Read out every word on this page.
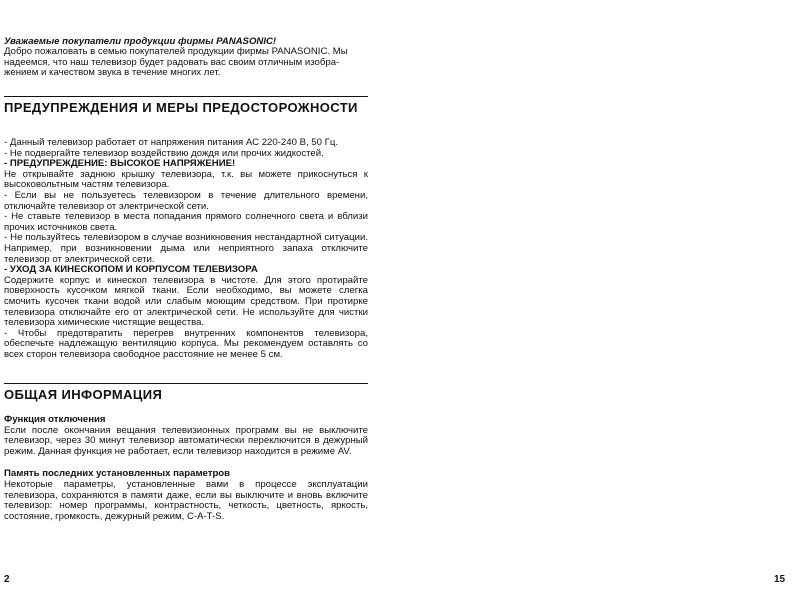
Уважаемые покупатели продукции фирмы PANASONIC!

Добро пожаловать в семью покупателей продукции фирмы PANASONIC. Мы

надеемся, что наш телевизор будет радовать вас своим отличным изобра-

жением и качеством звука в течение многих лет.

ПРЕДУПРЕЖДЕНИЯ И МЕРЫ ПРЕДОСТОРОЖНОСТИ

- Данный телевизор работает от напряжения питания АС 220-240 В, 50 Гц.

- Не подвергайте телевизор воздействию дождя или прочих жидкостей.

- ПРЕДУПРЕЖДЕНИЕ: ВЫСОКОЕ НАПРЯЖЕНИЕ!

Не открывайте заднюю крышку телевизора, т.к. вы можете прикоснуться к высоковольтным частям телевизора.

- Если вы не пользуетесь телевизором в течение длительного времени, отключайте телевизор от электрической сети.

- Не ставьте телевизор в места попадания прямого солнечного света и вблизи прочих источников света.

- Не пользуйтесь телевизором в случае возникновения нестандартной ситуации. Например, при возникновении дыма или неприятного запаха отключите телевизор от электрической сети.

- УХОД ЗА КИНЕСКОПОМ И КОРПУСОМ ТЕЛЕВИЗОРА

Содержите корпус и кинескоп телевизора в чистоте. Для этого протирайте поверхность кусочком мягкой ткани. Если необходимо, вы можете слегка смочить кусочек ткани водой или слабым моющим средством. При протирке телевизора отключайте его от электрической сети. Не используйте для чистки телевизора химические чистящие вещества.

- Чтобы предотвратить перегрев внутренних компонентов телевизора, обеспечьте надлежащую вентиляцию корпуса. Мы рекомендуем оставлять со всех сторон телевизора свободное расстояние не менее 5 см.

ОБЩАЯ ИНФОРМАЦИЯ

Функция отключения

Если после окончания вещания телевизионных программ вы не выключите телевизор, через 30 минут телевизор автоматически переключится в дежурный режим. Данная функция не работает, если телевизор находится в режиме AV.

Память последних установленных параметров

Некоторые параметры, установленные вами в процессе эксплуатации телевизора, сохраняются в памяти даже, если вы выключите и вновь включите телевизор: номер программы, контрастность, четкость, цветность, яркость, состояние, громкость, дежурный режим, C-A-T-S.

2	15
